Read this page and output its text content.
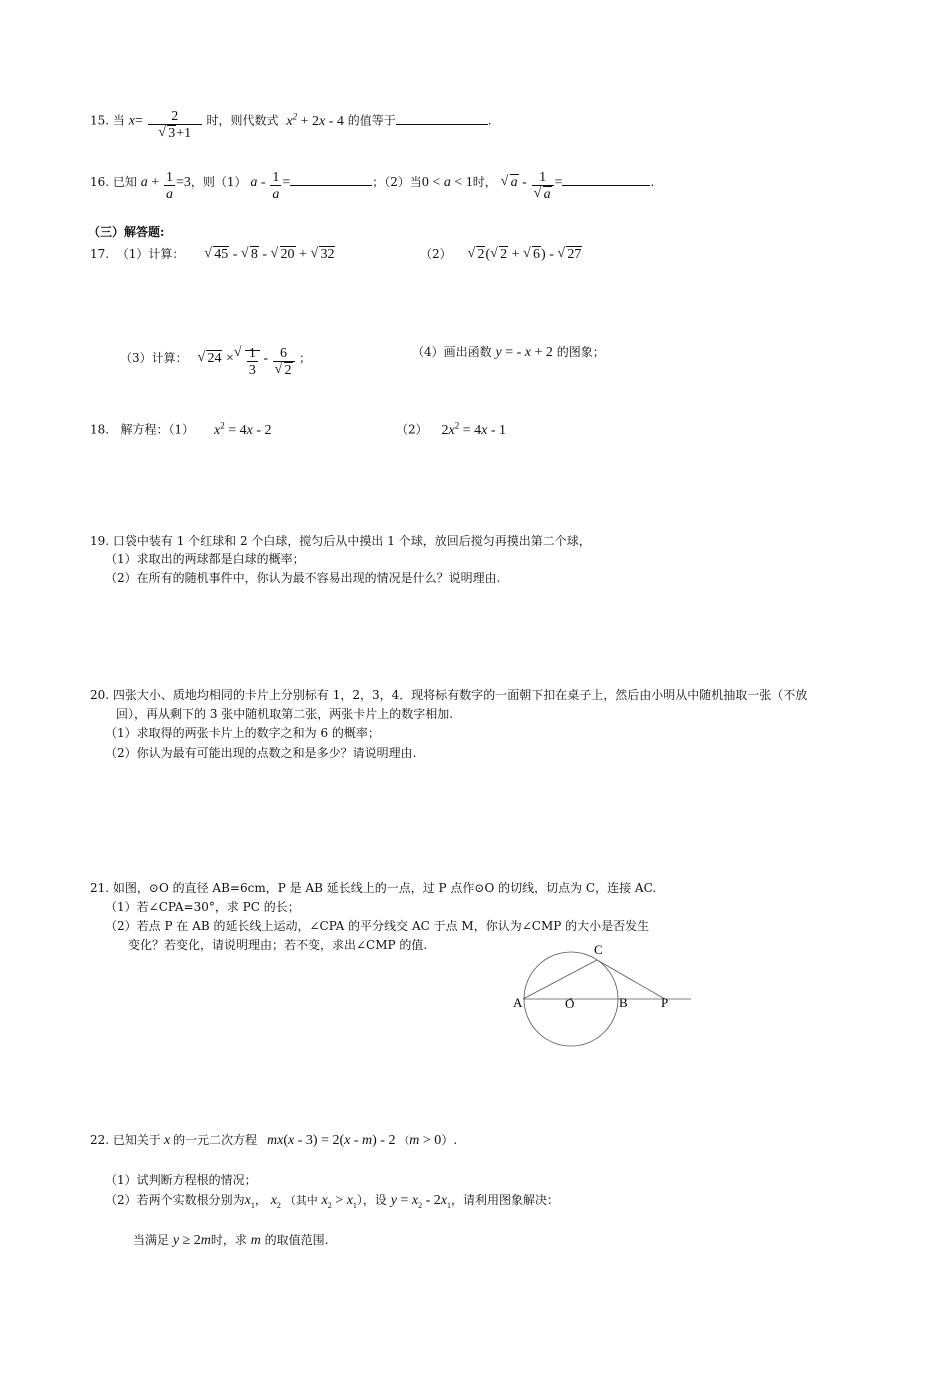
15. 当 x= 2
√ 3+1 时，则代数式 $x^2 + 2x - 4$ 的值等于	.
16. 已知 $a + \frac{1}{a} =3$，则（1） a - $\frac{1}{a}$ =	；（2）当0 < a < 1时， √ a - 1
√ a =	.
（三）解答题:
17. （1）计算： √ 45 - √ 8 - √ 20 + √ 32	（2） √ 2( √ 2 + √ 6) - √ 27
（3）计算： √ 24 × √ $\frac{1}{3} - 6$
√ 2 ；	（4）画出函数 y = - x + 2 的图象；
18. 解方程：（1） $x^2 = 4x - 2$	（2） $2x^2 = 4x - 1$
19. 口袋中装有 1 个红球和 2 个白球，搅匀后从中摸出 1 个球，放回后搅匀再摸出第二个球，
（1）求取出的两球都是白球的概率；
（2）在所有的随机事件中，你认为最不容易出现的情况是什么？说明理由.
20. 四张大小、质地均相同的卡片上分别标有 1，2，3，4．现将标有数字的一面朝下扣在桌子上，然后由小明从中随机抽取一张（不放
回），再从剩下的 3 张中随机取第二张，两张卡片上的数字相加.
（1）求取得的两张卡片上的数字之和为 6 的概率；
（2）你认为最有可能出现的点数之和是多少？请说明理由.
21. 如图，⊙O 的直径 AB=6cm，P 是 AB 延长线上的一点，过 P 点作⊙O 的切线，切点为 C，连接 AC.
（1）若∠CPA=30°，求 PC 的长；
（2）若点 P 在 AB 的延长线上运动，∠CPA 的平分线交 AC 于点 M，你认为∠CMP 的大小是否发生
变化？若变化，请说明理由；若不变，求出∠CMP 的值.	C
A	O	B	P
22. 已知关于 x 的一元二次方程 mx(x - 3) = 2(x - m) - 2 （m > 0）.
（1）试判断方程根的情况；
（2）若两个实数根分别为$x_1$， $x_2$ （其中 $x_2 > x_1$），设 $y = x_2 - 2x_1$，请利用图象解决：
当满足 y ≥ 2m时，求 m 的取值范围.
